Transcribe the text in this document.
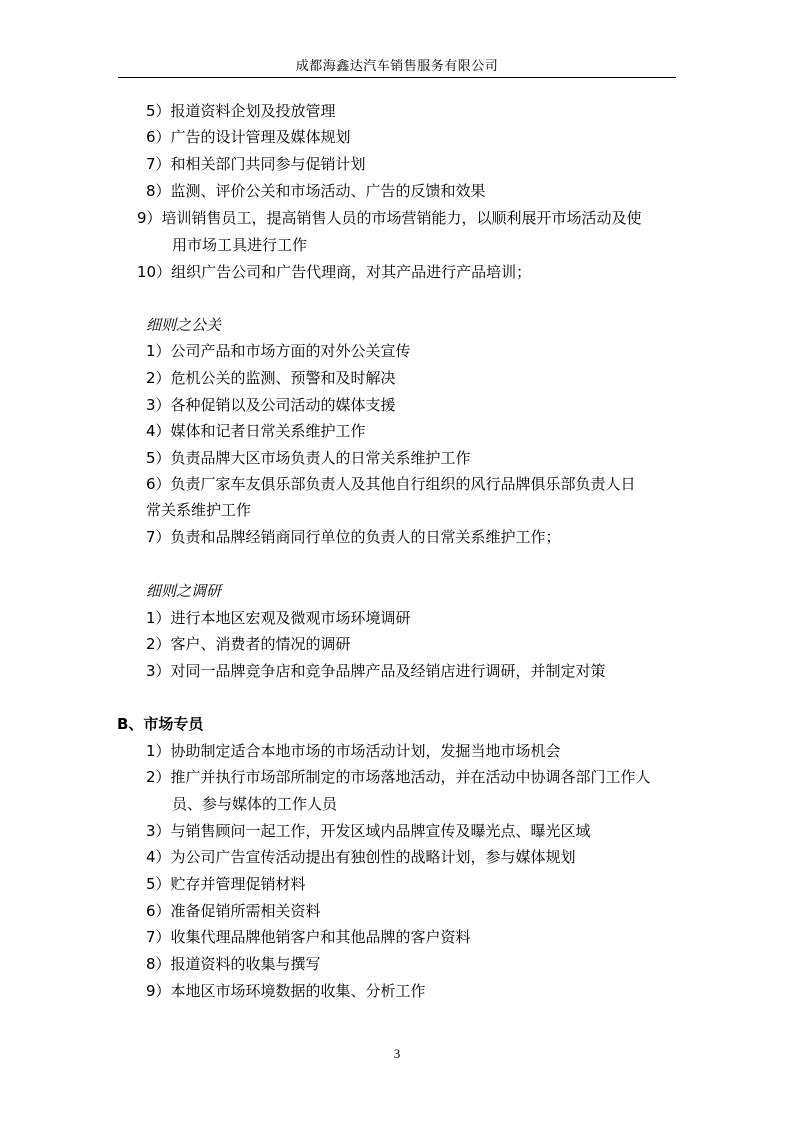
成都海鑫达汽车销售服务有限公司
5）报道资料企划及投放管理
6）广告的设计管理及媒体规划
7）和相关部门共同参与促销计划
8）监测、评价公关和市场活动、广告的反馈和效果
9）培训销售员工，提高销售人员的市场营销能力，以顺利展开市场活动及使
用市场工具进行工作
10）组织广告公司和广告代理商，对其产品进行产品培训；
细则之公关
1）公司产品和市场方面的对外公关宣传
2）危机公关的监测、预警和及时解决
3）各种促销以及公司活动的媒体支援
4）媒体和记者日常关系维护工作
5）负责品牌大区市场负责人的日常关系维护工作
6）负责厂家车友俱乐部负责人及其他自行组织的风行品牌俱乐部负责人日
常关系维护工作
7）负责和品牌经销商同行单位的负责人的日常关系维护工作；
细则之调研
1）进行本地区宏观及微观市场环境调研
2）客户、消费者的情况的调研
3）对同一品牌竞争店和竞争品牌产品及经销店进行调研，并制定对策
B、市场专员
1）协助制定适合本地市场的市场活动计划，发掘当地市场机会
2）推广并执行市场部所制定的市场落地活动，并在活动中协调各部门工作人
员、参与媒体的工作人员
3）与销售顾问一起工作，开发区域内品牌宣传及曝光点、曝光区域
4）为公司广告宣传活动提出有独创性的战略计划，参与媒体规划
5）贮存并管理促销材料
6）准备促销所需相关资料
7）收集代理品牌他销客户和其他品牌的客户资料
8）报道资料的收集与撰写
9）本地区市场环境数据的收集、分析工作
3
